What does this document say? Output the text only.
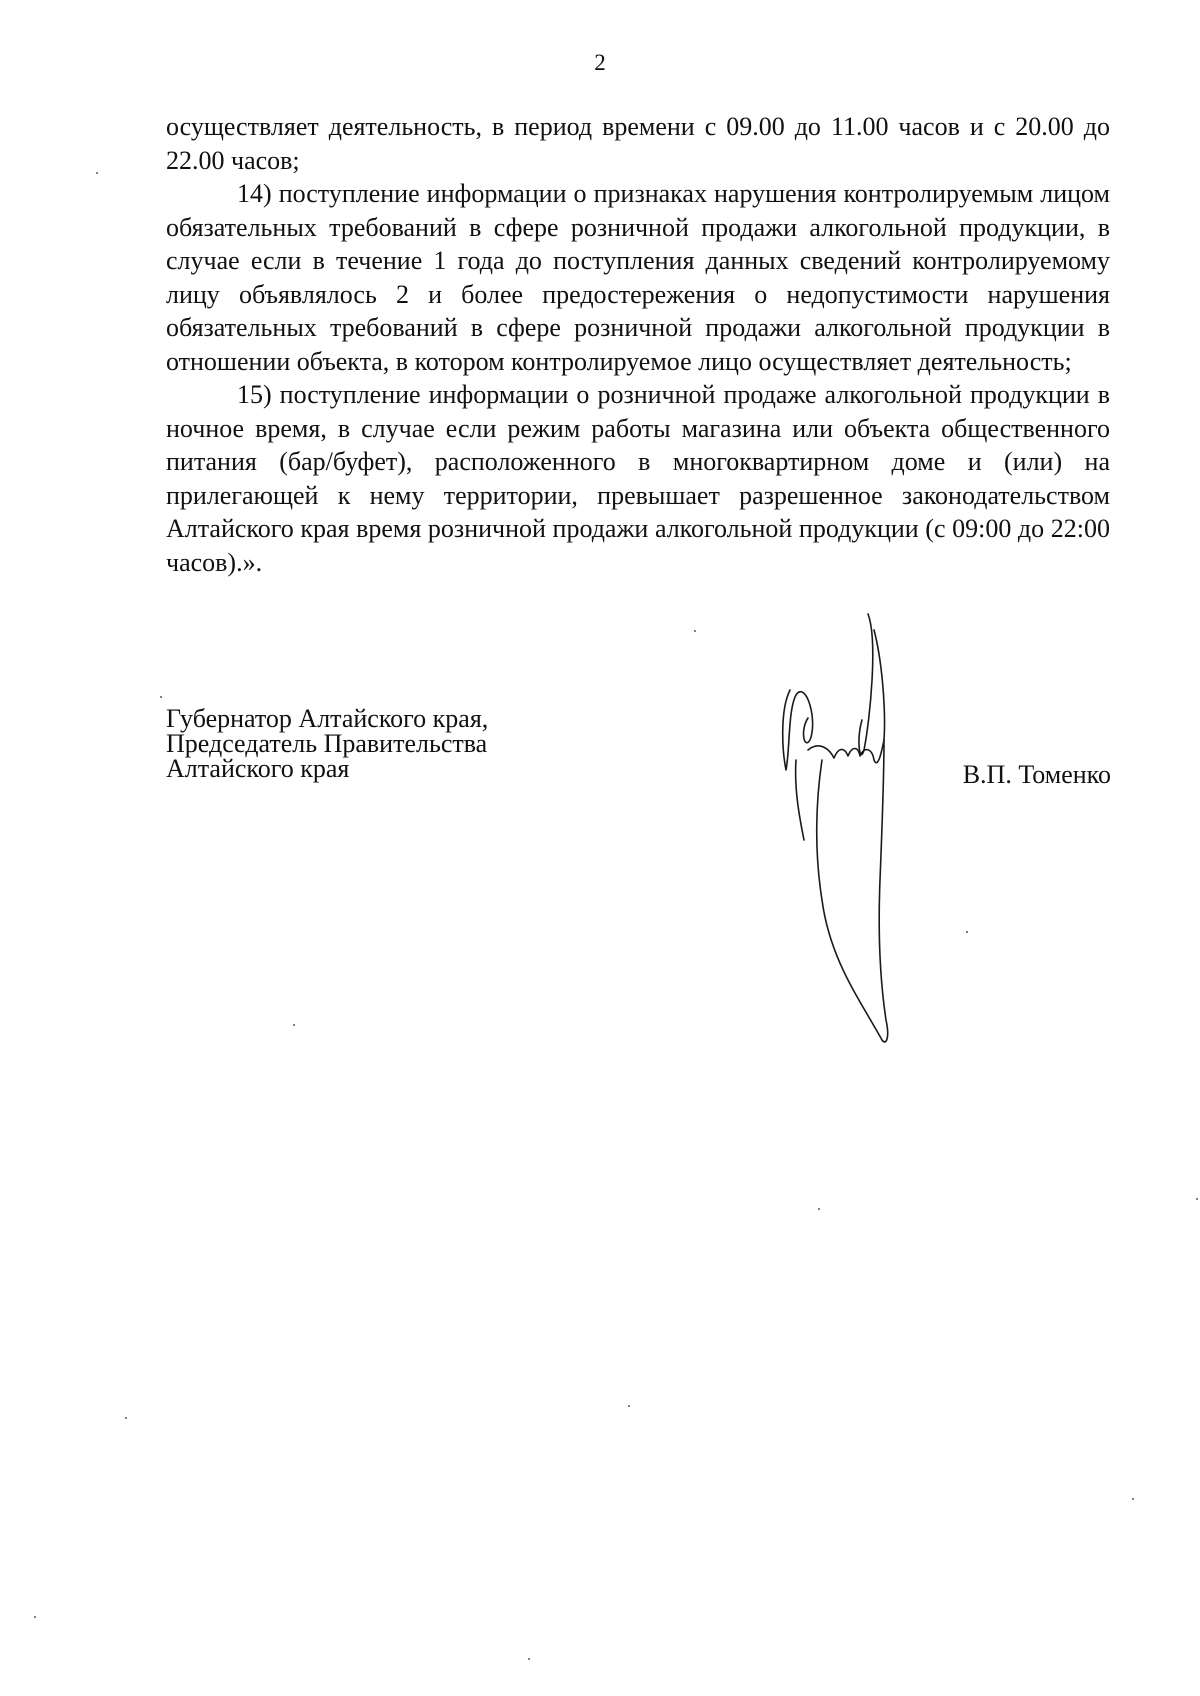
2

осуществляет деятельность, в период времени с 09.00 до 11.00 часов и с 20.00 до 22.00 часов;

14) поступление информации о признаках нарушения контролируемым лицом обязательных требований в сфере розничной продажи алкогольной продукции, в случае если в течение 1 года до поступления данных сведений контролируемому лицу объявлялось 2 и более предостережения о недопустимости нарушения обязательных требований в сфере розничной продажи алкогольной продукции в отношении объекта, в котором контролируемое лицо осуществляет деятельность;

15) поступление информации о розничной продаже алкогольной продукции в ночное время, в случае если режим работы магазина или объекта общественного питания (бар/буфет), расположенного в многоквартирном доме и (или) на прилегающей к нему территории, превышает разрешенное законодательством Алтайского края время розничной продажи алкогольной продукции (с 09:00 до 22:00 часов).».

Губернатор Алтайского края,
Председатель Правительства
Алтайского края	В.П. Томенко
